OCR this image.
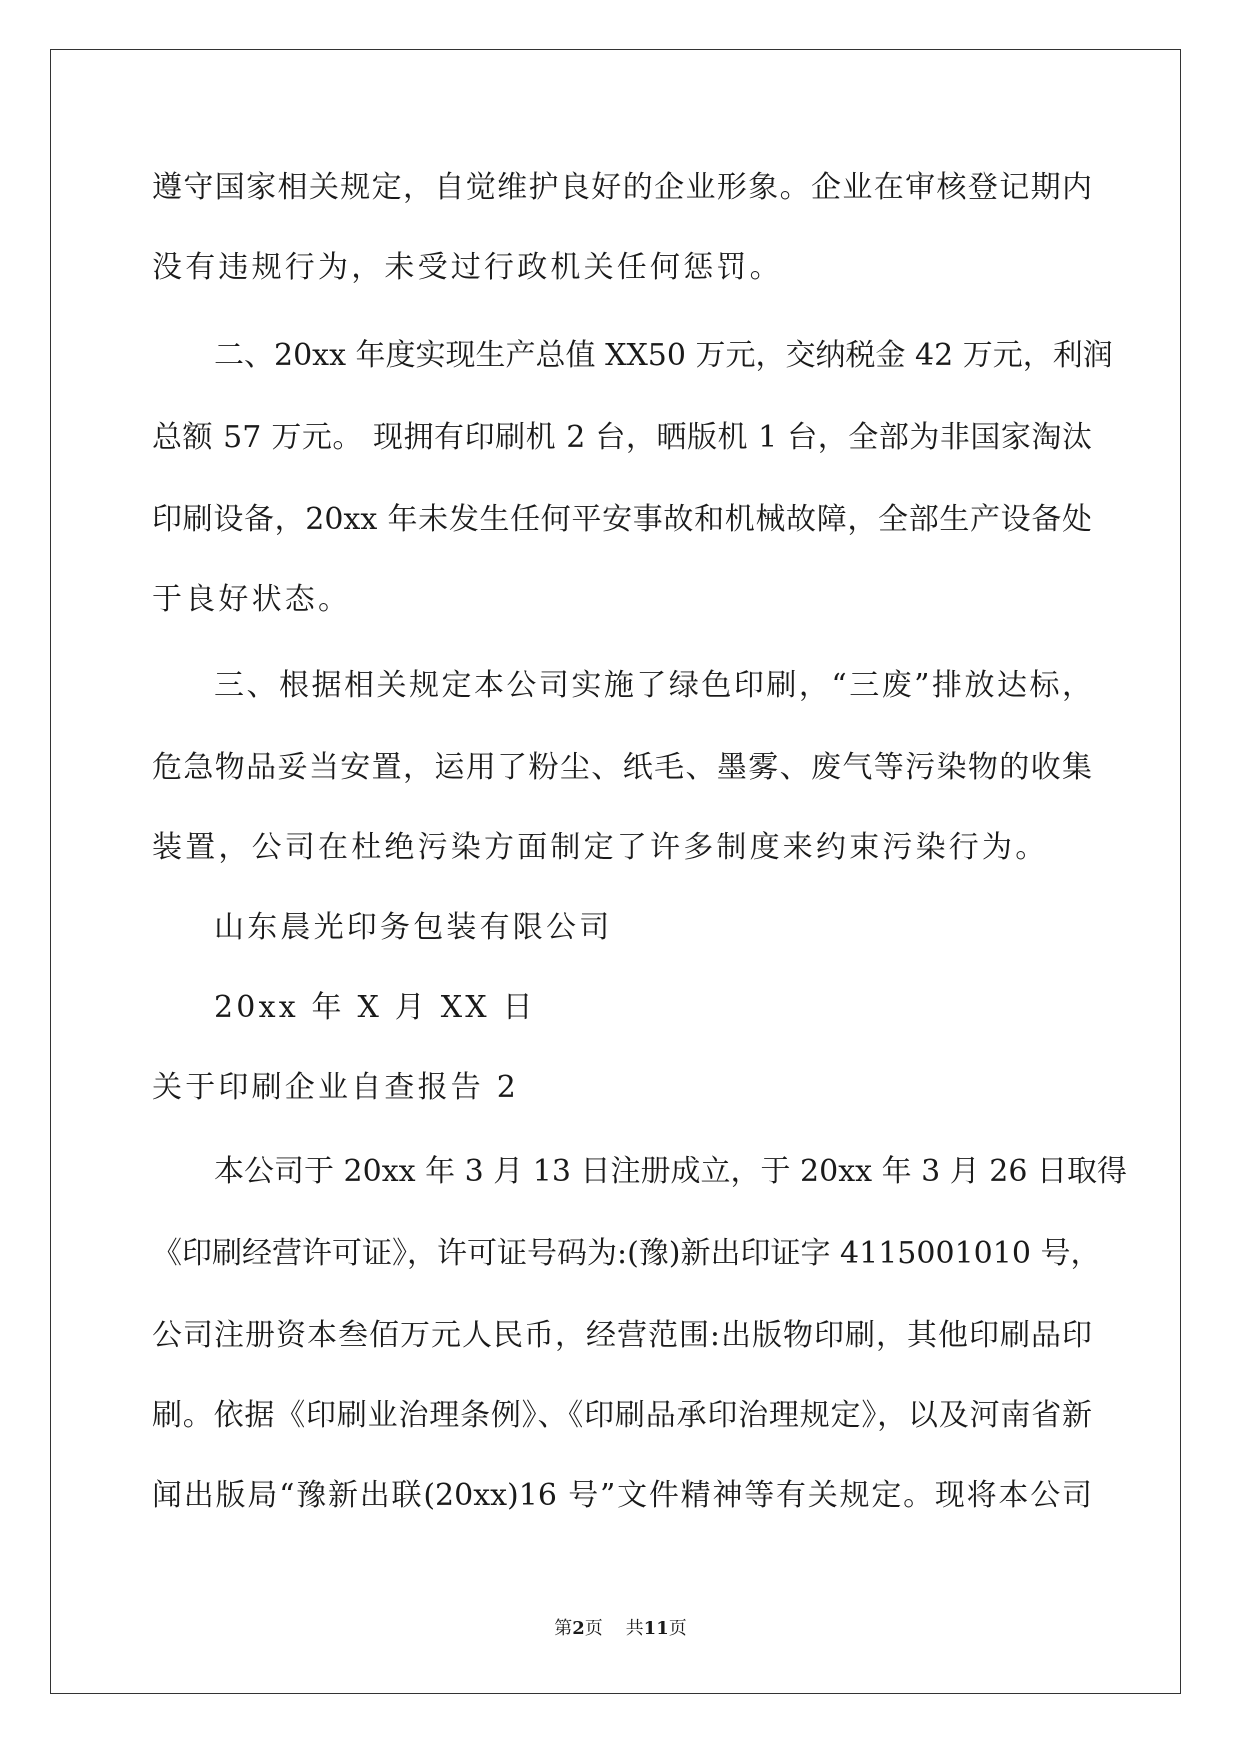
遵守国家相关规定，自觉维护良好的企业形象。企业在审核登记期内
没有违规行为，未受过行政机关任何惩罚。
二、20xx 年度实现生产总值 XX50 万元，交纳税金 42 万元，利润
总额 57 万元。 现拥有印刷机 2 台，晒版机 1 台，全部为非国家淘汰
印刷设备，20xx 年未发生任何平安事故和机械故障，全部生产设备处
于良好状态。
三、根据相关规定本公司实施了绿色印刷，“三废”排放达标，
危急物品妥当安置，运用了粉尘、纸毛、墨雾、废气等污染物的收集
装置，公司在杜绝污染方面制定了许多制度来约束污染行为。
山东晨光印务包装有限公司
20xx 年 X 月 XX 日
关于印刷企业自查报告 2
本公司于 20xx 年 3 月 13 日注册成立，于 20xx 年 3 月 26 日取得
《印刷经营许可证》，许可证号码为:(豫)新出印证字 4115001010 号，
公司注册资本叁佰万元人民币，经营范围:出版物印刷，其他印刷品印
刷。依据《印刷业治理条例》、《印刷品承印治理规定》，以及河南省新
闻出版局“豫新出联(20xx)16 号”文件精神等有关规定。现将本公司
第2页 共11页
